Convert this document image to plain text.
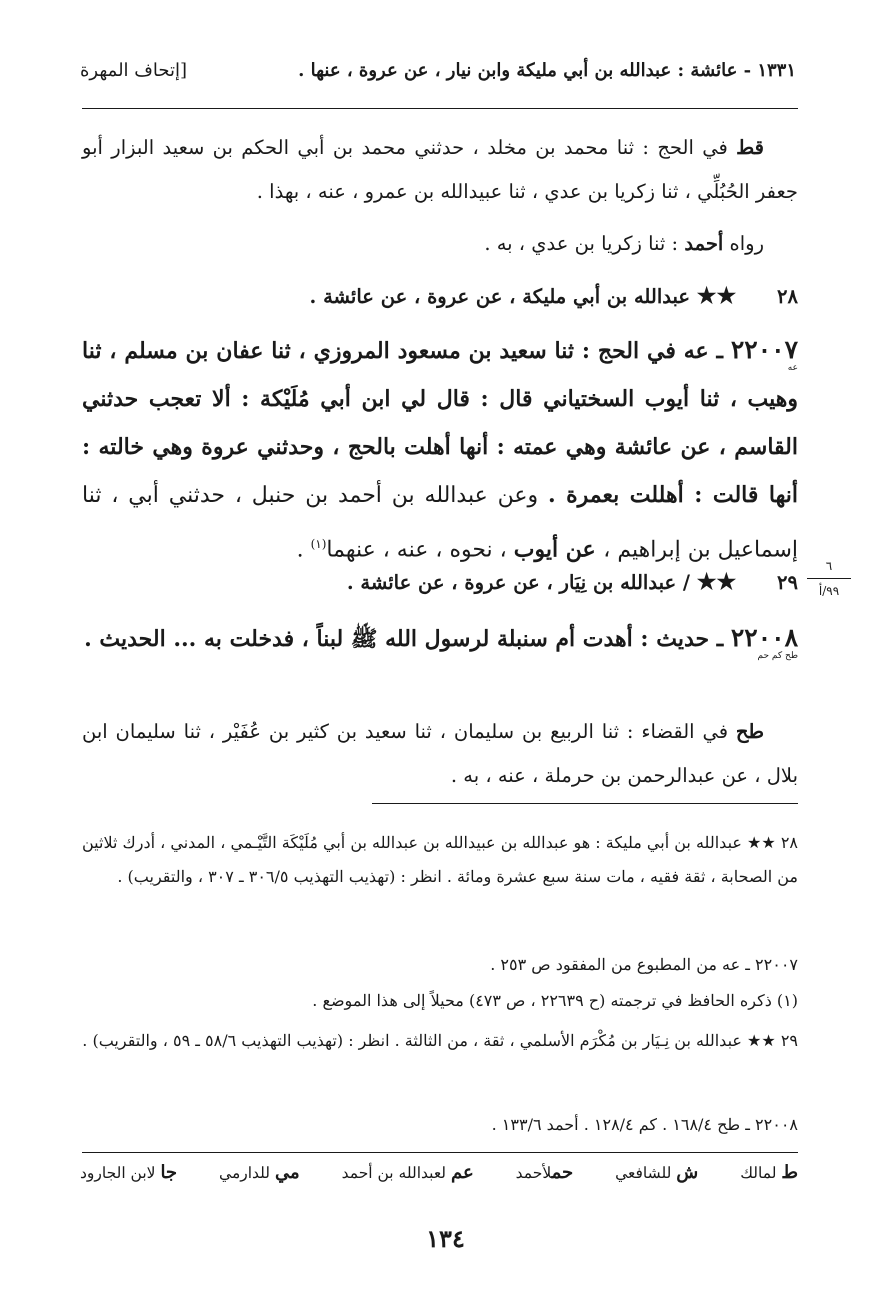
١٣٣١ - عائشة : عبدالله بن أبي مليكة وابن نيار ، عن عروة ، عنها .
[إتحاف المهرة
قط في الحج : ثنا محمد بن مخلد ، حدثني محمد بن أبي الحكم بن سعيد البزار أبو جعفر الحُبُلِّي ، ثنا زكريا بن عدي ، ثنا عبيدالله بن عمرو ، عنه ، بهذا .
رواه أحمد : ثنا زكريا بن عدي ، به .
٢٨ ★★ عبدالله بن أبي مليكة ، عن عروة ، عن عائشة .
٢٢٠٠٧
عه
ـ عه في الحج : ثنا سعيد بن مسعود المروزي ، ثنا عفان بن مسلم ، ثنا وهيب ، ثنا أيوب السختياني قال : قال لي ابن أبي مُلَيْكة : ألا تعجب حدثني القاسم ، عن عائشة وهي عمته : أنها أهلت بالحج ، وحدثني عروة وهي خالته : أنها قالت : أهللت بعمرة . وعن عبدالله بن أحمد بن حنبل ، حدثني أبي ، ثنا إسماعيل بن إبراهيم ، عن أيوب ، نحوه ، عنه ، عنهما$^{(١)}$ .
٦
٩٩/أ
٢٩ ★★ / عبدالله بن نِيَار ، عن عروة ، عن عائشة .
٢٢٠٠٨
طح كم حم
ـ حديث : أهدت أم سنبلة لرسول الله ﷺ لبناً ، فدخلت به ... الحديث .
طح في القضاء : ثنا الربيع بن سليمان ، ثنا سعيد بن كثير بن عُفَيْر ، ثنا سليمان ابن بلال ، عن عبدالرحمن بن حرملة ، عنه ، به .
٢٨ ★★ عبدالله بن أبي مليكة : هو عبدالله بن عبيدالله بن عبدالله بن أبي مُلَيْكَة التَّيْـمي ، المدني ، أدرك ثلاثين من الصحابة ، ثقة فقيه ، مات سنة سبع عشرة ومائة . انظر : (تهذيب التهذيب ٣٠٦/٥ ـ ٣٠٧ ، والتقريب) .
٢٢٠٠٧ ـ عه من المطبوع من المفقود ص ٢٥٣ .
(١) ذكره الحافظ في ترجمته (ح ٢٢٦٣٩ ، ص ٤٧٣) محيلاً إلى هذا الموضع .
٢٩ ★★ عبدالله بن نِـيَار بن مُكْرَم الأسلمي ، ثقة ، من الثالثة . انظر : (تهذيب التهذيب ٥٨/٦ ـ ٥٩ ، والتقريب) .
٢٢٠٠٨ ـ طح ١٦٨/٤ . كم ١٢٨/٤ . أحمد ١٣٣/٦ .
ط لمالك
ش للشافعي
حملأحمد
عم لعبدالله بن أحمد
مي للدارمي
جا لابن الجارود
١٣٤
